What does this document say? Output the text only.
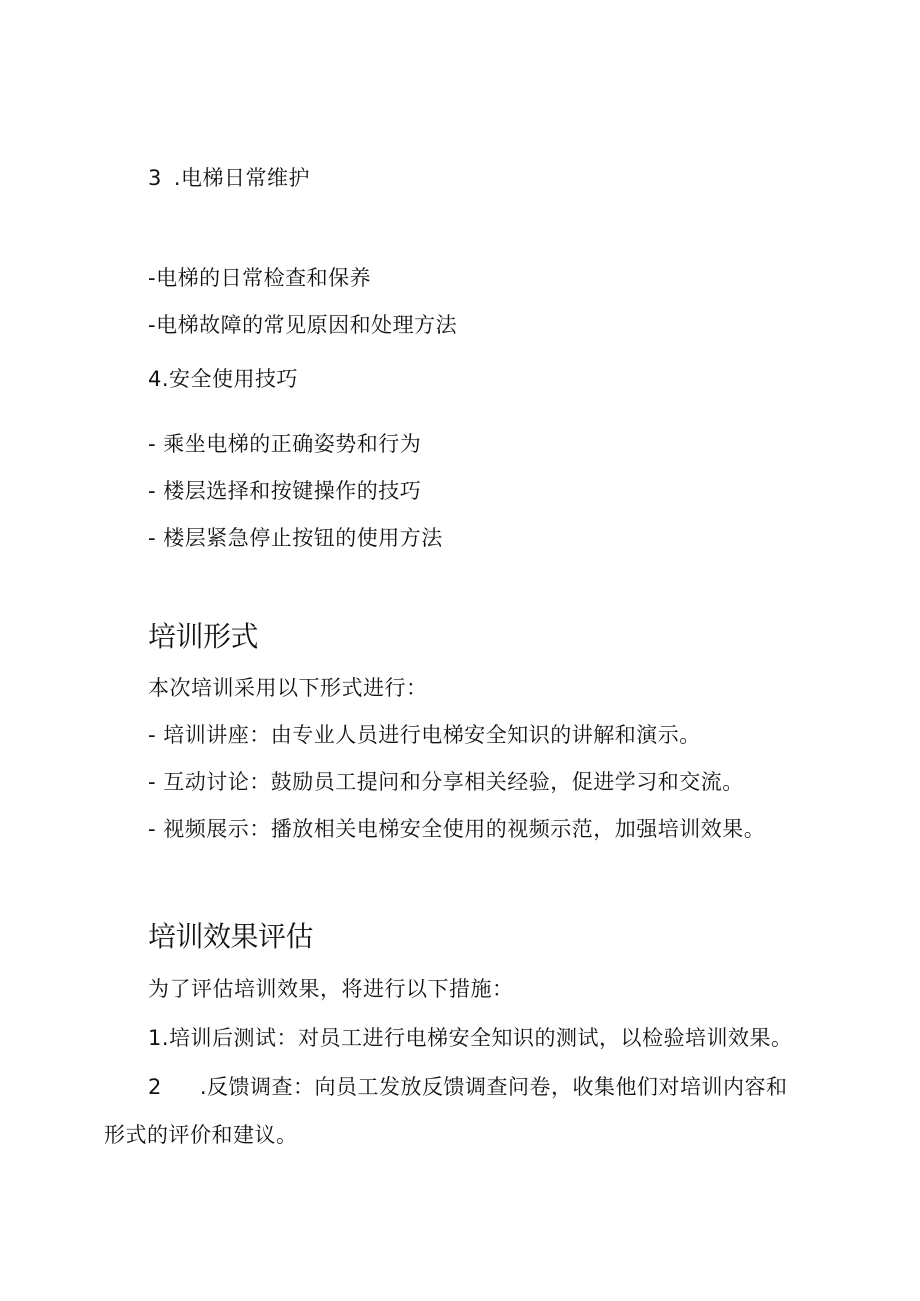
3 .电梯日常维护
-电梯的日常检查和保养
-电梯故障的常见原因和处理方法
4.安全使用技巧
- 乘坐电梯的正确姿势和行为
- 楼层选择和按键操作的技巧
- 楼层紧急停止按钮的使用方法
培训形式
本次培训采用以下形式进行：
- 培训讲座：由专业人员进行电梯安全知识的讲解和演示。
- 互动讨论：鼓励员工提问和分享相关经验，促进学习和交流。
- 视频展示：播放相关电梯安全使用的视频示范，加强培训效果。
培训效果评估
为了评估培训效果，将进行以下措施：
1.培训后测试：对员工进行电梯安全知识的测试，以检验培训效果。
2 .反馈调查：向员工发放反馈调查问卷，收集他们对培训内容和
形式的评价和建议。
